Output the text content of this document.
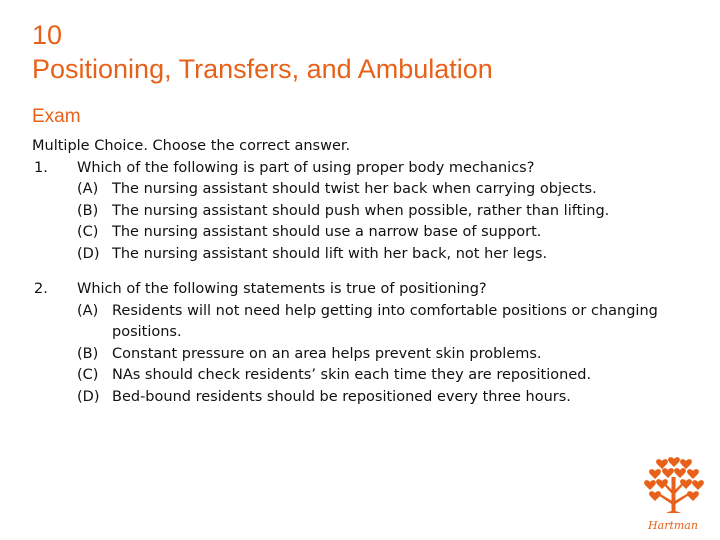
10
Positioning, Transfers, and Ambulation
Exam
Multiple Choice. Choose the correct answer.
1. Which of the following is part of using proper body mechanics?
(A) The nursing assistant should twist her back when carrying objects.
(B) The nursing assistant should push when possible, rather than lifting.
(C) The nursing assistant should use a narrow base of support.
(D) The nursing assistant should lift with her back, not her legs.
2. Which of the following statements is true of positioning?
(A) Residents will not need help getting into comfortable positions or changing positions.
(B) Constant pressure on an area helps prevent skin problems.
(C) NAs should check residents’ skin each time they are repositioned.
(D) Bed-bound residents should be repositioned every three hours.
Hartman
